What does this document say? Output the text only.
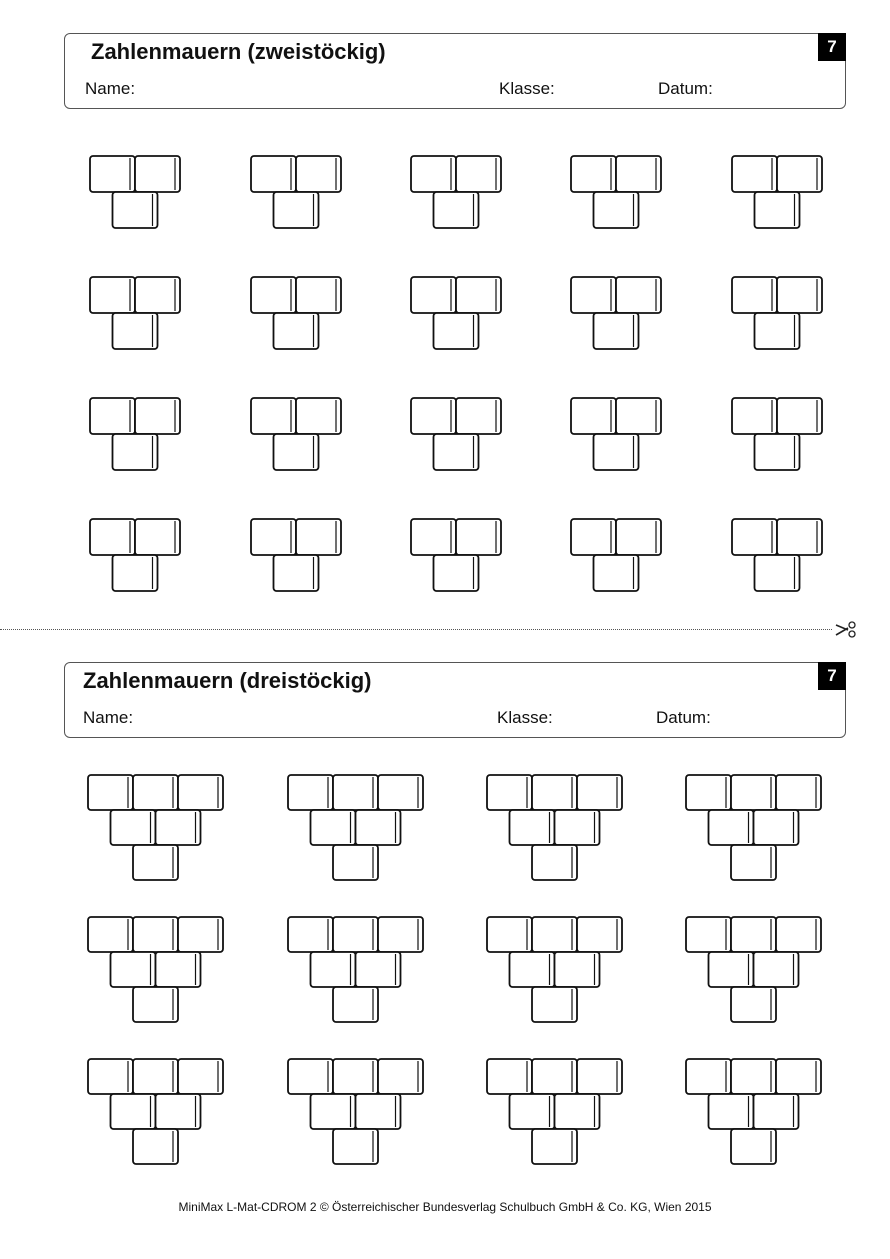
Zahlenmauern (zweistöckig)
Name:	Klasse:	Datum:
7
Zahlenmauern (dreistöckig)
Name:	Klasse:	Datum:
7
MiniMax L-Mat-CDROM 2 © Österreichischer Bundesverlag Schulbuch GmbH & Co. KG, Wien 2015
